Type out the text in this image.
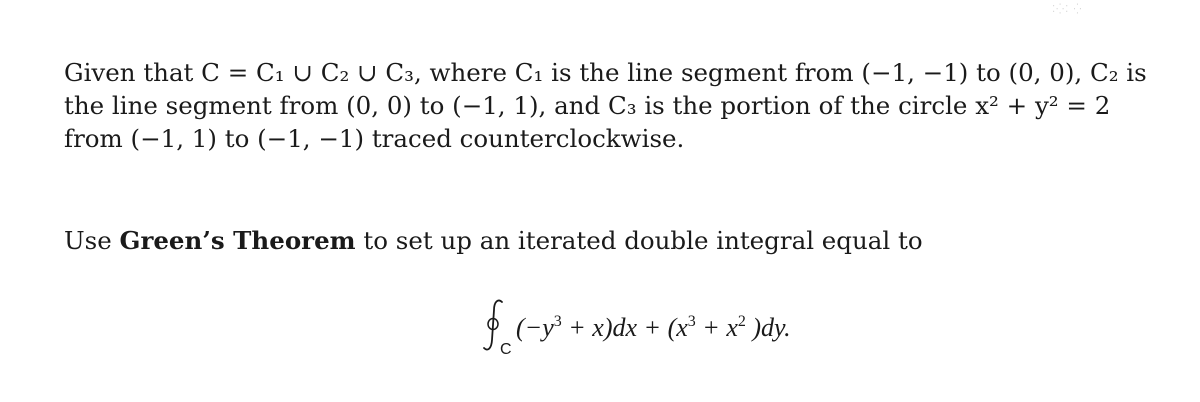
⁚⁛⁚ ⁛

Given that C = C₁ ∪ C₂ ∪ C₃, where C₁ is the line segment from (−1, −1) to (0, 0), C₂ is
the line segment from (0, 0) to (−1, 1), and C₃ is the portion of the circle x² + y² = 2
from (−1, 1) to (−1, −1) traced counterclockwise.

Use Green’s Theorem to set up an iterated double integral equal to

C
$(-y^3 + x)dx + (x^3 + x^2$ )dy.
